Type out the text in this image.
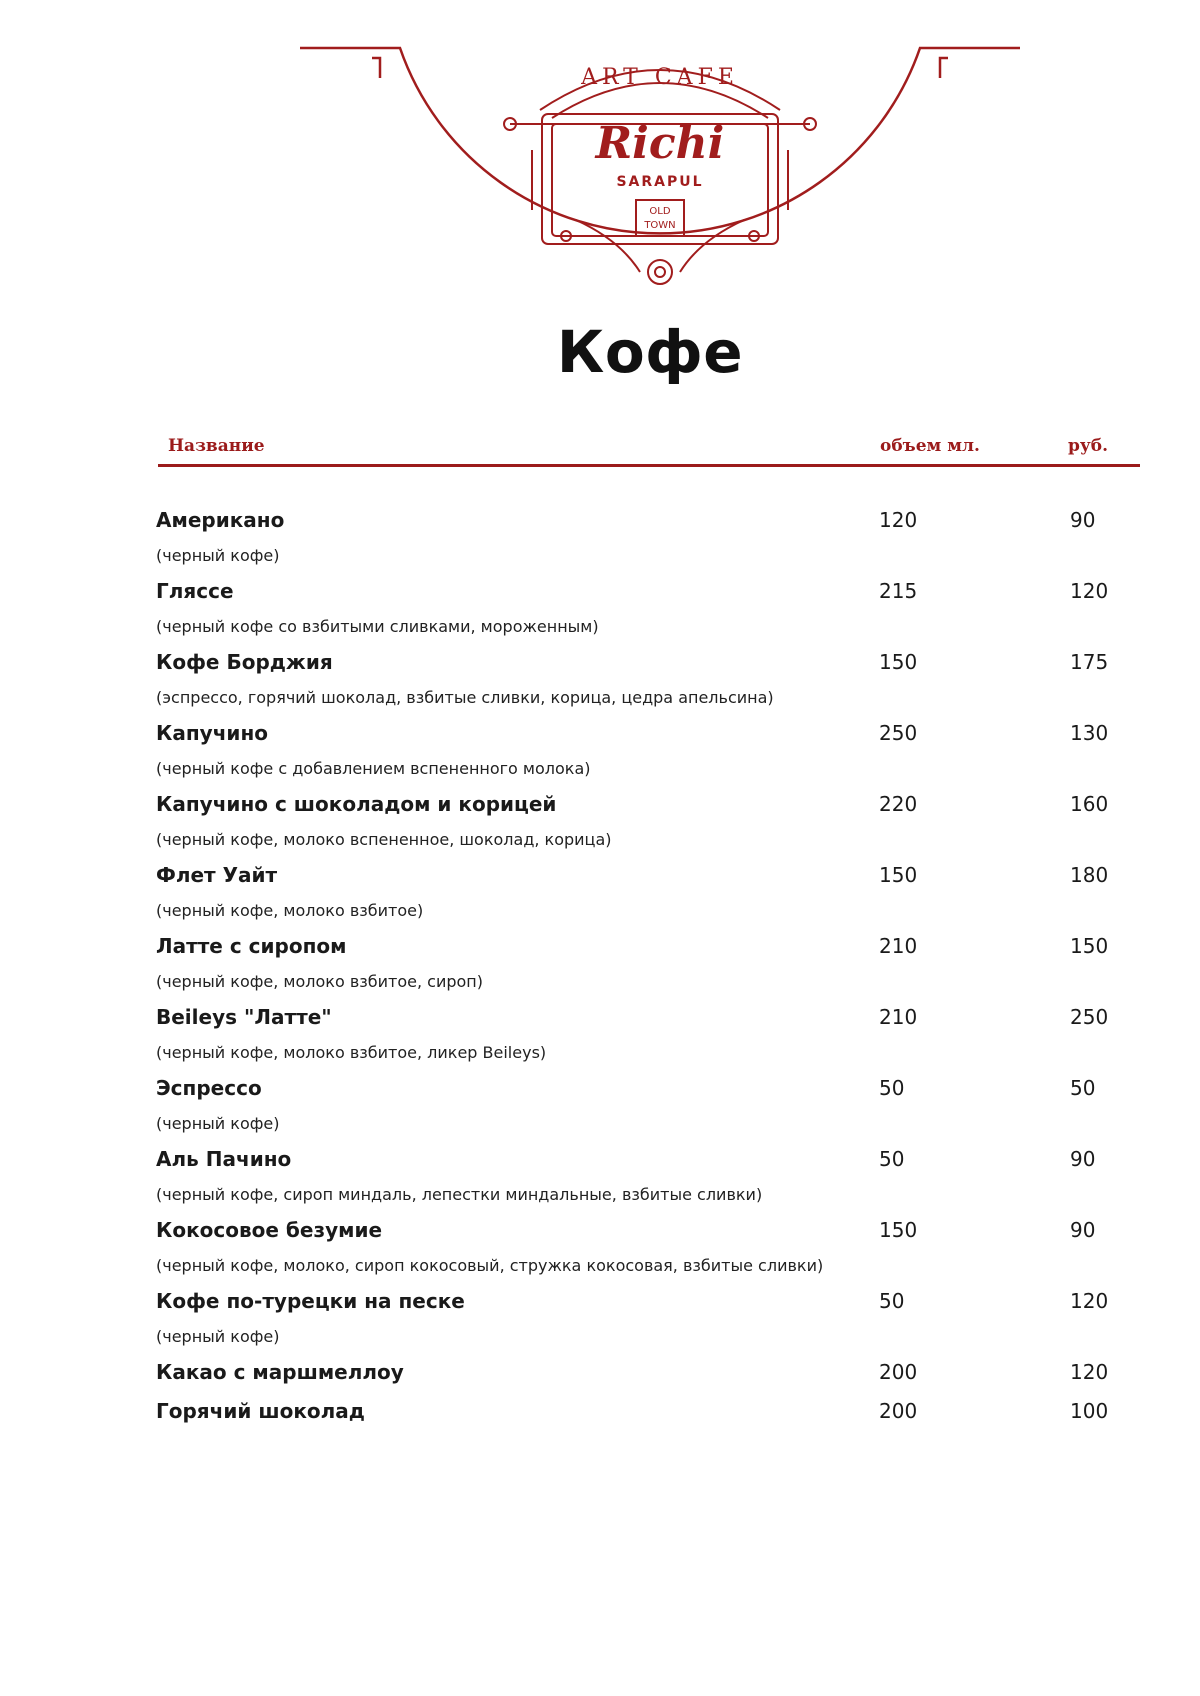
ART CAFE
Richi
SARAPUL
OLD
TOWN
Кофе
Название	объем мл.	руб.
Американо
(черный кофе)
120	90
Гляссе
(черный кофе со взбитыми сливками, мороженным)
215	120
Кофе Борджия
(эспрессо, горячий шоколад, взбитые сливки, корица, цедра апельсина)
150	175
Капучино
(черный кофе с добавлением вспененного молока)
250	130
Капучино с шоколадом и корицей
(черный кофе, молоко вспененное, шоколад, корица)
220	160
Флет Уайт
(черный кофе, молоко взбитое)
150	180
Латте с сиропом
(черный кофе, молоко взбитое, сироп)
210	150
Beileys "Латте"
(черный кофе, молоко взбитое, ликер Beileys)
210	250
Эспрессо
(черный кофе)
50	50
Аль Пачино
(черный кофе, сироп миндаль, лепестки миндальные, взбитые сливки)
50	90
Кокосовое безумие
(черный кофе, молоко, сироп кокосовый, стружка кокосовая, взбитые сливки)
150	90
Кофе по-турецки на песке
(черный кофе)
50	120
Какао с маршмеллоу	200	120
Горячий шоколад	200	100
